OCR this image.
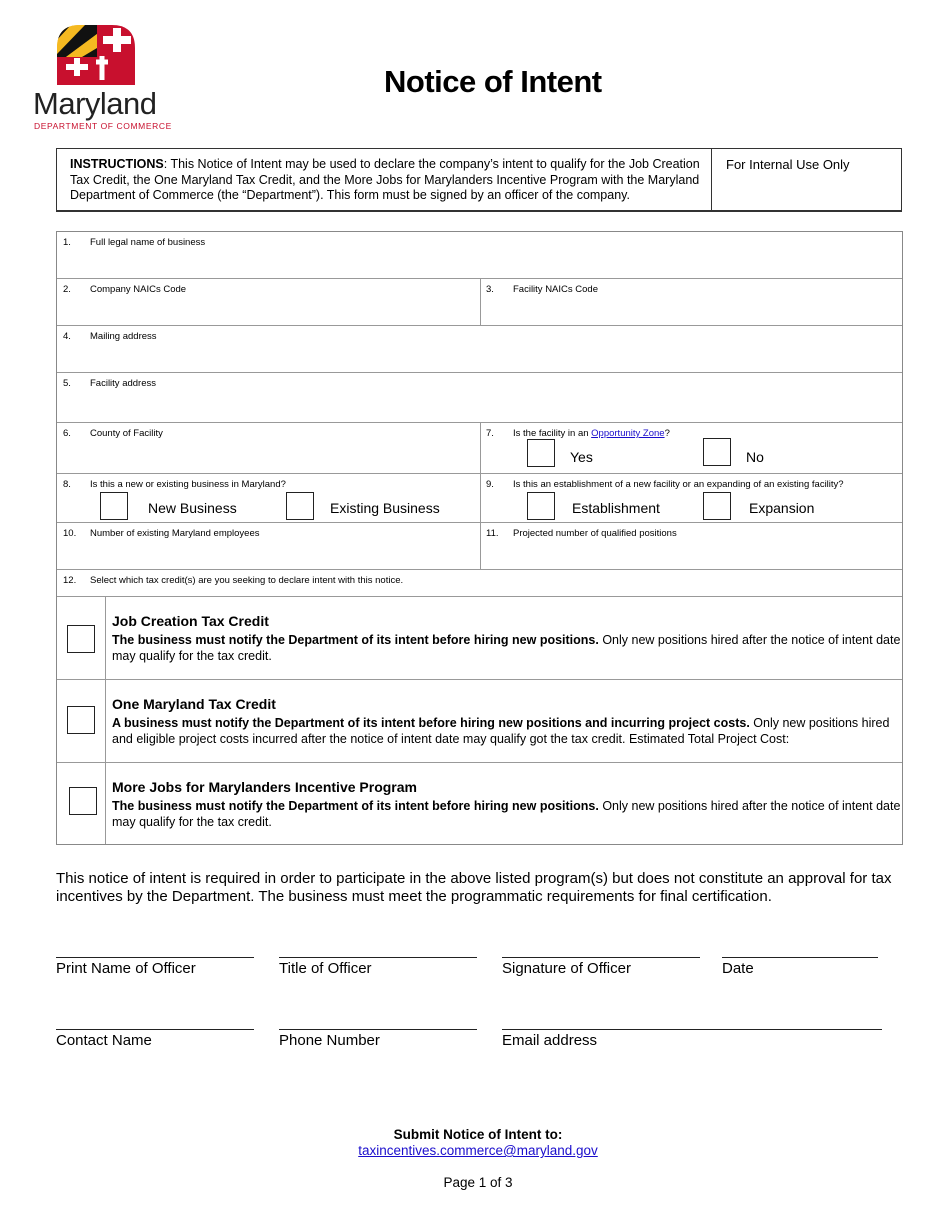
Maryland
DEPARTMENT OF COMMERCE
Notice of Intent
INSTRUCTIONS: This Notice of Intent may be used to declare the company’s intent to qualify for the Job Creation Tax Credit, the One Maryland Tax Credit, and the More Jobs for Marylanders Incentive Program with the Maryland Department of Commerce (the “Department”). This form must be signed by an officer of the company.
For Internal Use Only
1. Full legal name of business
2. Company NAICs Code	3. Facility NAICs Code
4. Mailing address
5. Facility address
6. County of Facility	7. Is the facility in an Opportunity Zone?
Yes	No
8. Is this a new or existing business in Maryland?
New Business	Existing Business
9. Is this an establishment of a new facility or an expanding of an existing facility?
Establishment	Expansion
10. Number of existing Maryland employees	11. Projected number of qualified positions
12. Select which tax credit(s) are you seeking to declare intent with this notice.
Job Creation Tax Credit
The business must notify the Department of its intent before hiring new positions. Only new positions hired after the notice of intent date may qualify for the tax credit.
One Maryland Tax Credit
A business must notify the Department of its intent before hiring new positions and incurring project costs. Only new positions hired and eligible project costs incurred after the notice of intent date may qualify got the tax credit. Estimated Total Project Cost:
More Jobs for Marylanders Incentive Program
The business must notify the Department of its intent before hiring new positions. Only new positions hired after the notice of intent date may qualify for the tax credit.
This notice of intent is required in order to participate in the above listed program(s) but does not constitute an approval for tax incentives by the Department. The business must meet the programmatic requirements for final certification.
Print Name of Officer	Title of Officer	Signature of Officer	Date
Contact Name	Phone Number	Email address
Submit Notice of Intent to:
taxincentives.commerce@maryland.gov
Page 1 of 3
